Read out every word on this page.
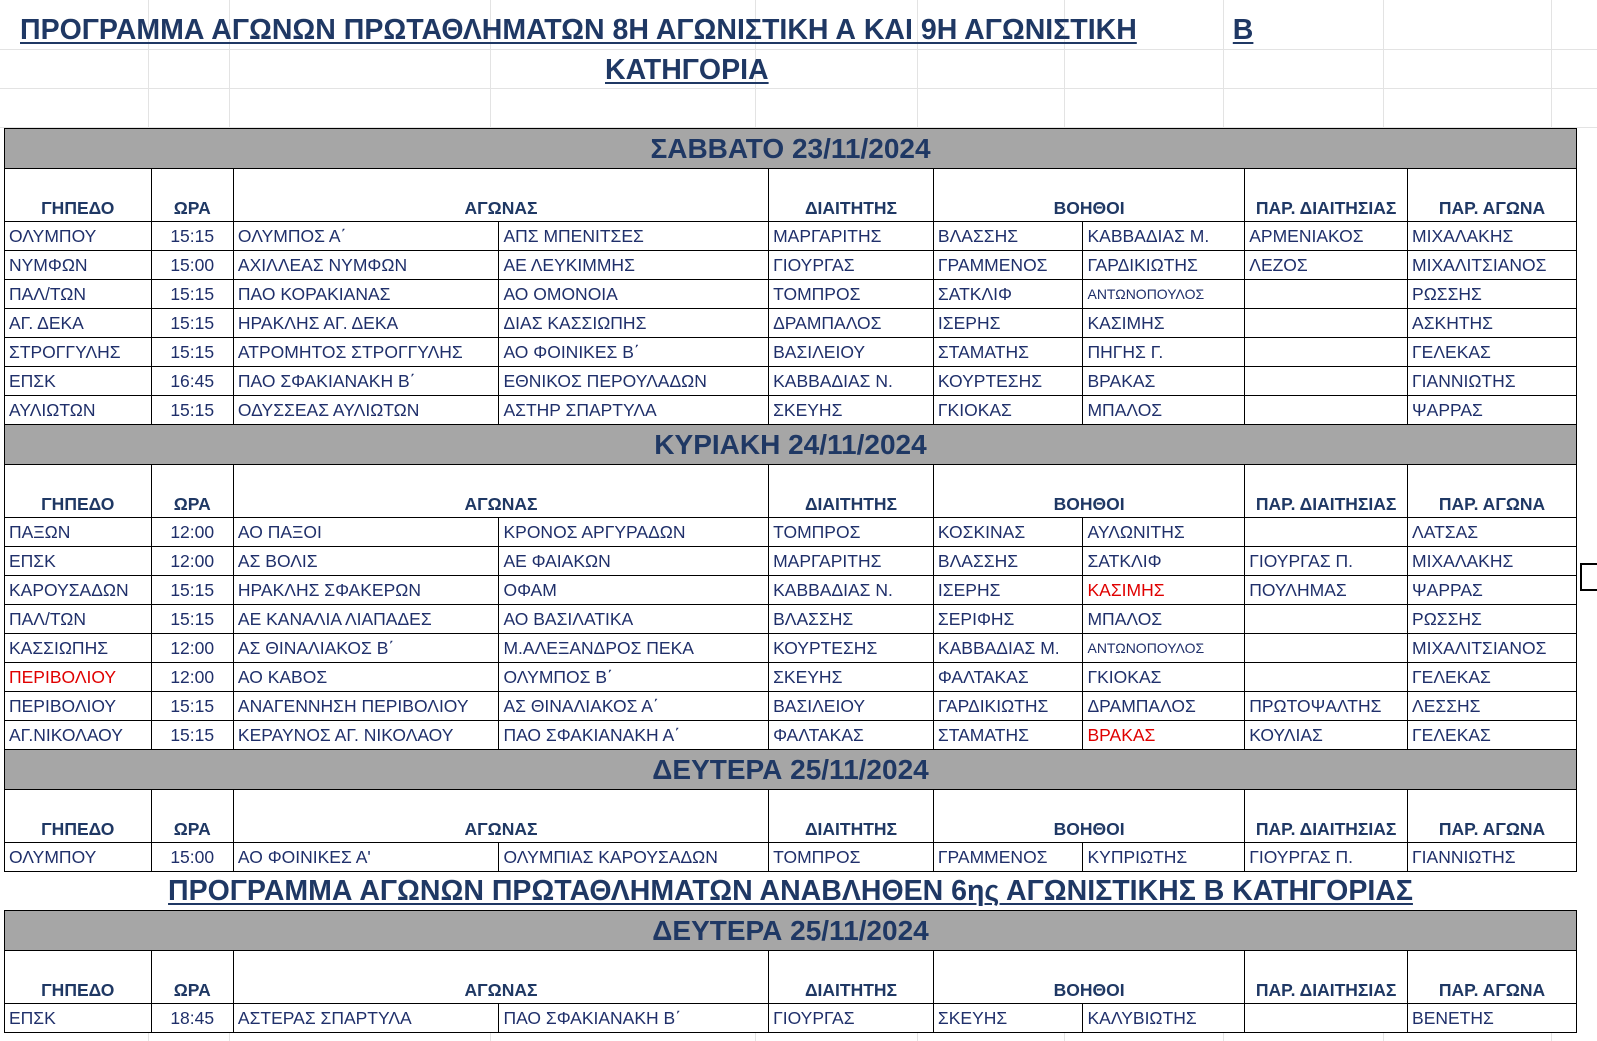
ΠΡΟΓΡΑΜΜΑ ΑΓΩΝΩΝ ΠΡΩΤΑΘΛΗΜΑΤΩΝ 8Η ΑΓΩΝΙΣΤΙΚΗ Α ΚΑΙ 9Η ΑΓΩΝΙΣΤΙΚΗ	Β
ΚΑΤΗΓΟΡΙΑ
ΣΑΒΒΑΤΟ 23/11/2024								
ΓΗΠΕΔΟ	ΩΡΑ	ΑΓΩΝΑΣ		ΔΙΑΙΤΗΤΗΣ	ΒΟΗΘΟΙ		ΠΑΡ. ΔΙΑΙΤΗΣΙΑΣ	ΠΑΡ. ΑΓΩΝΑ
ΟΛΥΜΠΟΥ	15:15	ΟΛΥΜΠΟΣ Α΄	ΑΠΣ ΜΠΕΝΙΤΣΕΣ	ΜΑΡΓΑΡΙΤΗΣ	ΒΛΑΣΣΗΣ	ΚΑΒΒΑΔΙΑΣ Μ.	ΑΡΜΕΝΙΑΚΟΣ	ΜΙΧΑΛΑΚΗΣ
ΝΥΜΦΩΝ	15:00	ΑΧΙΛΛΕΑΣ ΝΥΜΦΩΝ	ΑΕ ΛΕΥΚΙΜΜΗΣ	ΓΙΟΥΡΓΑΣ	ΓΡΑΜΜΕΝΟΣ	ΓΑΡΔΙΚΙΩΤΗΣ	ΛΕΖΟΣ	ΜΙΧΑΛΙΤΣΙΑΝΟΣ
ΠΑΛ/ΤΩΝ	15:15	ΠΑΟ ΚΟΡΑΚΙΑΝΑΣ	ΑΟ ΟΜΟΝΟΙΑ	ΤΟΜΠΡΟΣ	ΣΑΤΚΛΙΦ	ΑΝΤΩΝΟΠΟΥΛΟΣ		ΡΩΣΣΗΣ
ΑΓ. ΔΕΚΑ	15:15	ΗΡΑΚΛΗΣ ΑΓ. ΔΕΚΑ	ΔΙΑΣ ΚΑΣΣΙΩΠΗΣ	ΔΡΑΜΠΑΛΟΣ	ΙΣΕΡΗΣ	ΚΑΣΙΜΗΣ		ΑΣΚΗΤΗΣ
ΣΤΡΟΓΓΥΛΗΣ	15:15	ΑΤΡΟΜΗΤΟΣ ΣΤΡΟΓΓΥΛΗΣ	ΑΟ ΦΟΙΝΙΚΕΣ Β΄	ΒΑΣΙΛΕΙΟΥ	ΣΤΑΜΑΤΗΣ	ΠΗΓΗΣ Γ.		ΓΕΛΕΚΑΣ
ΕΠΣΚ	16:45	ΠΑΟ ΣΦΑΚΙΑΝΑΚΗ Β΄	ΕΘΝΙΚΟΣ ΠΕΡΟΥΛΑΔΩΝ	ΚΑΒΒΑΔΙΑΣ Ν.	ΚΟΥΡΤΕΣΗΣ	ΒΡΑΚΑΣ		ΓΙΑΝΝΙΩΤΗΣ
ΑΥΛΙΩΤΩΝ	15:15	ΟΔΥΣΣΕΑΣ ΑΥΛΙΩΤΩΝ	ΑΣΤΗΡ ΣΠΑΡΤΥΛΑ	ΣΚΕΥΗΣ	ΓΚΙΟΚΑΣ	ΜΠΑΛΟΣ		ΨΑΡΡΑΣ
ΚΥΡΙΑΚΗ 24/11/2024								
ΓΗΠΕΔΟ	ΩΡΑ	ΑΓΩΝΑΣ		ΔΙΑΙΤΗΤΗΣ	ΒΟΗΘΟΙ		ΠΑΡ. ΔΙΑΙΤΗΣΙΑΣ	ΠΑΡ. ΑΓΩΝΑ
ΠΑΞΩΝ	12:00	ΑΟ ΠΑΞΟΙ	ΚΡΟΝΟΣ ΑΡΓΥΡΑΔΩΝ	ΤΟΜΠΡΟΣ	ΚΟΣΚΙΝΑΣ	ΑΥΛΩΝΙΤΗΣ		ΛΑΤΣΑΣ
ΕΠΣΚ	12:00	ΑΣ ΒΟΛΙΣ	ΑΕ ΦΑΙΑΚΩΝ	ΜΑΡΓΑΡΙΤΗΣ	ΒΛΑΣΣΗΣ	ΣΑΤΚΛΙΦ	ΓΙΟΥΡΓΑΣ Π.	ΜΙΧΑΛΑΚΗΣ
ΚΑΡΟΥΣΑΔΩΝ	15:15	ΗΡΑΚΛΗΣ ΣΦΑΚΕΡΩΝ	ΟΦΑΜ	ΚΑΒΒΑΔΙΑΣ Ν.	ΙΣΕΡΗΣ	ΚΑΣΙΜΗΣ	ΠΟΥΛΗΜΑΣ	ΨΑΡΡΑΣ
ΠΑΛ/ΤΩΝ	15:15	ΑΕ ΚΑΝΑΛΙΑ ΛΙΑΠΑΔΕΣ	ΑΟ ΒΑΣΙΛΑΤΙΚΑ	ΒΛΑΣΣΗΣ	ΣΕΡΙΦΗΣ	ΜΠΑΛΟΣ		ΡΩΣΣΗΣ
ΚΑΣΣΙΩΠΗΣ	12:00	ΑΣ ΘΙΝΑΛΙΑΚΟΣ Β΄	Μ.ΑΛΕΞΑΝΔΡΟΣ ΠΕΚΑ	ΚΟΥΡΤΕΣΗΣ	ΚΑΒΒΑΔΙΑΣ Μ.	ΑΝΤΩΝΟΠΟΥΛΟΣ		ΜΙΧΑΛΙΤΣΙΑΝΟΣ
ΠΕΡΙΒΟΛΙΟΥ	12:00	ΑΟ ΚΑΒΟΣ	ΟΛΥΜΠΟΣ Β΄	ΣΚΕΥΗΣ	ΦΑΛΤΑΚΑΣ	ΓΚΙΟΚΑΣ		ΓΕΛΕΚΑΣ
ΠΕΡΙΒΟΛΙΟΥ	15:15	ΑΝΑΓΕΝΝΗΣΗ ΠΕΡΙΒΟΛΙΟΥ	ΑΣ ΘΙΝΑΛΙΑΚΟΣ Α΄	ΒΑΣΙΛΕΙΟΥ	ΓΑΡΔΙΚΙΩΤΗΣ	ΔΡΑΜΠΑΛΟΣ	ΠΡΩΤΟΨΑΛΤΗΣ	ΛΕΣΣΗΣ
ΑΓ.ΝΙΚΟΛΑΟΥ	15:15	ΚΕΡΑΥΝΟΣ ΑΓ. ΝΙΚΟΛΑΟΥ	ΠΑΟ ΣΦΑΚΙΑΝΑΚΗ Α΄	ΦΑΛΤΑΚΑΣ	ΣΤΑΜΑΤΗΣ	ΒΡΑΚΑΣ	ΚΟΥΛΙΑΣ	ΓΕΛΕΚΑΣ
ΔΕΥΤΕΡΑ 25/11/2024								
ΓΗΠΕΔΟ	ΩΡΑ	ΑΓΩΝΑΣ		ΔΙΑΙΤΗΤΗΣ	ΒΟΗΘΟΙ		ΠΑΡ. ΔΙΑΙΤΗΣΙΑΣ	ΠΑΡ. ΑΓΩΝΑ
ΟΛΥΜΠΟΥ	15:00	ΑΟ ΦΟΙΝΙΚΕΣ Α'	ΟΛΥΜΠΙΑΣ ΚΑΡΟΥΣΑΔΩΝ	ΤΟΜΠΡΟΣ	ΓΡΑΜΜΕΝΟΣ	ΚΥΠΡΙΩΤΗΣ	ΓΙΟΥΡΓΑΣ Π.	ΓΙΑΝΝΙΩΤΗΣ

ΠΡΟΓΡΑΜΜΑ ΑΓΩΝΩΝ ΠΡΩΤΑΘΛΗΜΑΤΩΝ ΑΝΑΒΛΗΘΕΝ 6ης ΑΓΩΝΙΣΤΙΚΗΣ Β ΚΑΤΗΓΟΡΙΑΣ								

ΔΕΥΤΕΡΑ 25/11/2024								
ΓΗΠΕΔΟ	ΩΡΑ	ΑΓΩΝΑΣ		ΔΙΑΙΤΗΤΗΣ	ΒΟΗΘΟΙ		ΠΑΡ. ΔΙΑΙΤΗΣΙΑΣ	ΠΑΡ. ΑΓΩΝΑ
ΕΠΣΚ	18:45	ΑΣΤΕΡΑΣ ΣΠΑΡΤΥΛΑ	ΠΑΟ ΣΦΑΚΙΑΝΑΚΗ Β΄	ΓΙΟΥΡΓΑΣ	ΣΚΕΥΗΣ	ΚΑΛΥΒΙΩΤΗΣ		ΒΕΝΕΤΗΣ
